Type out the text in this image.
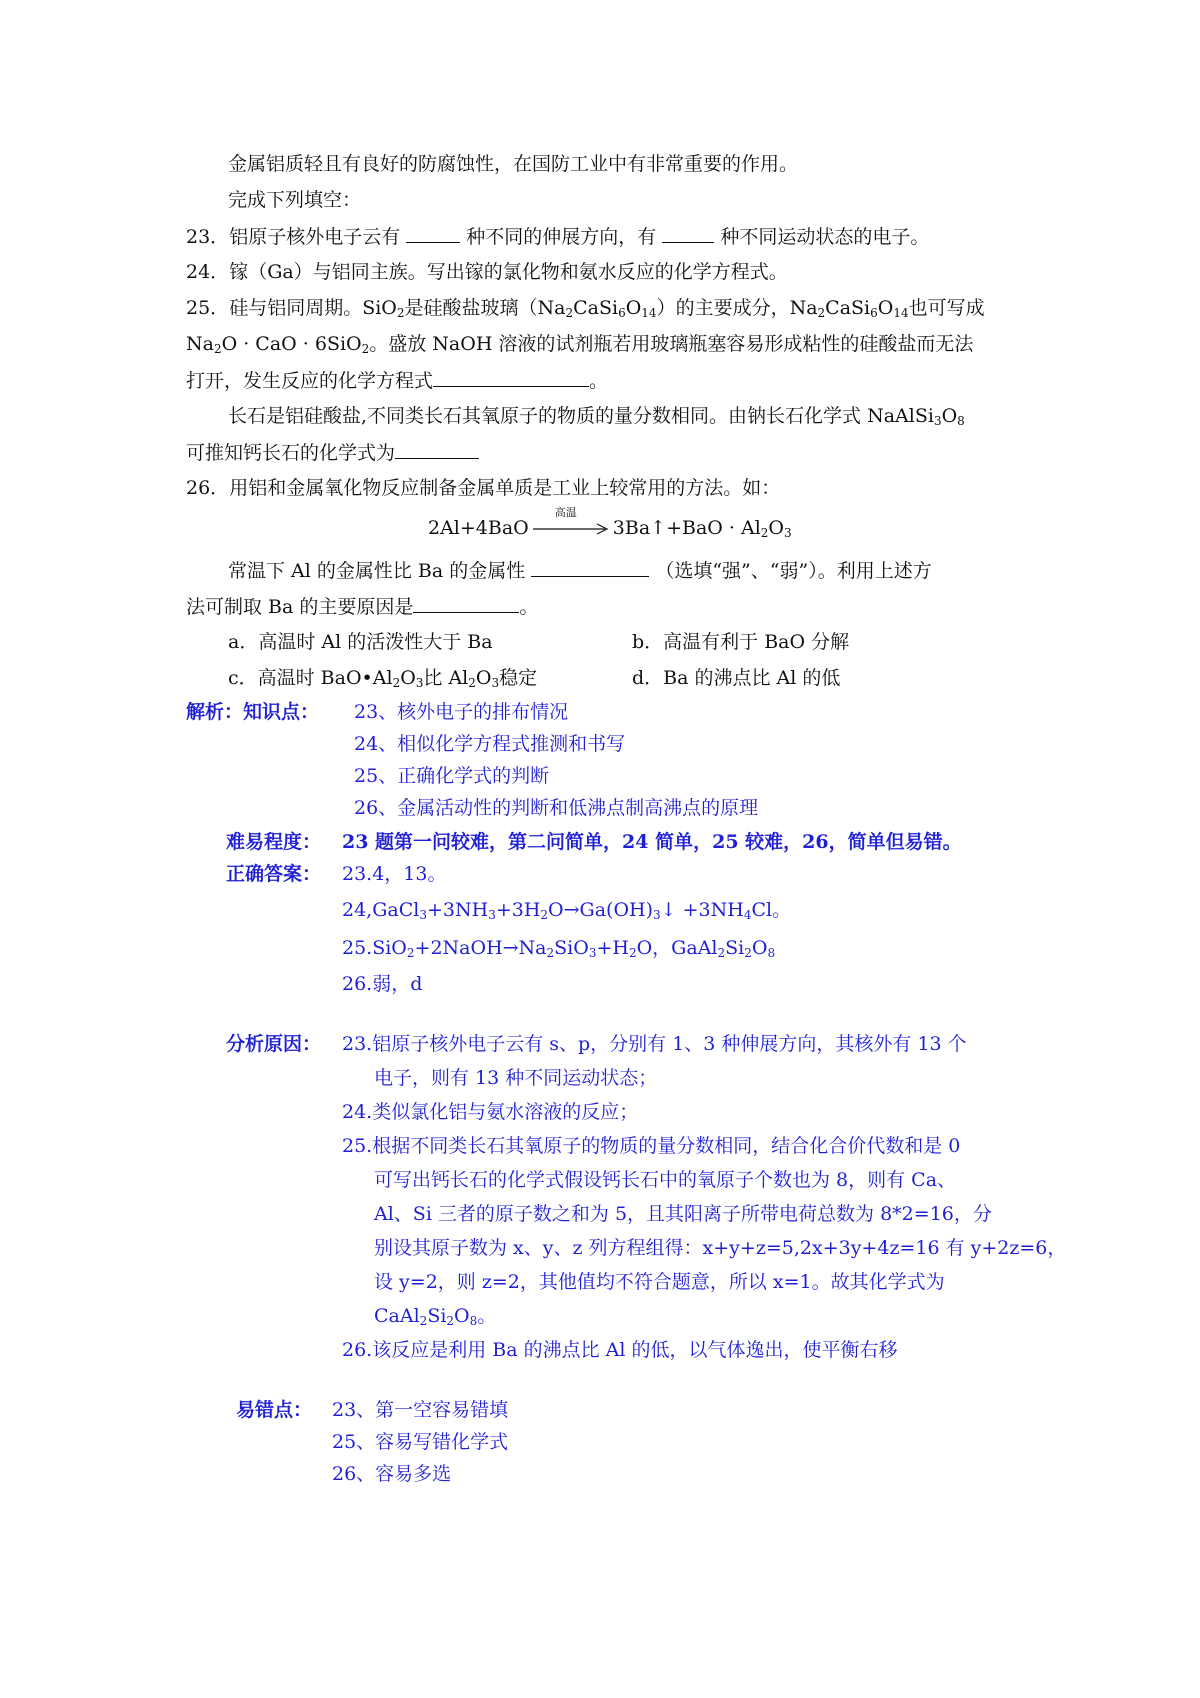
金属铝质轻且有良好的防腐蚀性，在国防工业中有非常重要的作用。
完成下列填空：
23．铝原子核外电子云有	种不同的伸展方向，有	种不同运动状态的电子。
24．镓（Ga）与铝同主族。写出镓的氯化物和氨水反应的化学方程式。
25．硅与铝同周期。SiO$_2$是硅酸盐玻璃$(Na_2CaSi_6O_{14})$的主要成分，$Na_2CaSi_6O_{14}$也可写成
$Na_2O$ · CaO · 6SiO$_2$。盛放 NaOH 溶液的试剂瓶若用玻璃瓶塞容易形成粘性的硅酸盐而无法
打开，发生反应的化学方程式	。
长石是铝硅酸盐,不同类长石其氧原子的物质的量分数相同。由钠长石化学式 $NaAlSi_3O_8$
可推知钙长石的化学式为
26．用铝和金属氧化物反应制备金属单质是工业上较常用的方法。如：
2Al+4BaO
高温
3Ba↑+BaO · $Al_2O_3$
常温下 Al 的金属性比 Ba 的金属性	（选填“强”、“弱”）。利用上述方
法可制取 Ba 的主要原因是	。
a．高温时 Al 的活泼性大于 Ba	b．高温有利于 BaO 分解
c．高温时 $BaO•Al_2O_3$比 $Al_2O_3$稳定	d．Ba 的沸点比 Al 的低
解析：知识点： 23、核外电子的排布情况
24、相似化学方程式推测和书写
25、正确化学式的判断
26、金属活动性的判断和低沸点制高沸点的原理
难易程度： 23 题第一问较难，第二问简单，24 简单，25 较难，26，简单但易错。
正确答案： 23.4，13。
$24,GaCl_3+3NH_3+3H_2O\to Ga(OH)_3↓ +3NH_4Cl$。
$25.SiO_2+2NaOH\to Na_2SiO_3+H_2O$，$GaAl_2Si_2O_8$
26.弱，d
分析原因： 23.铝原子核外电子云有 s、p，分别有 1、3 种伸展方向，其核外有 13 个
电子，则有 13 种不同运动状态；
24.类似氯化铝与氨水溶液的反应；
25.根据不同类长石其氧原子的物质的量分数相同，结合化合价代数和是 0
可写出钙长石的化学式假设钙长石中的氧原子个数也为 8，则有 Ca、
Al、Si 三者的原子数之和为 5，且其阳离子所带电荷总数为 8*2=16，分
别设其原子数为 x、y、z 列方程组得：x+y+z=5,2x+3y+4z=16 有 y+2z=6，
设 y=2，则 z=2，其他值均不符合题意，所以 x=1。故其化学式为
$CaAl_2Si_2O_8$。
26.该反应是利用 Ba 的沸点比 Al 的低，以气体逸出，使平衡右移
易错点： 23、第一空容易错填
25、容易写错化学式
26、容易多选
